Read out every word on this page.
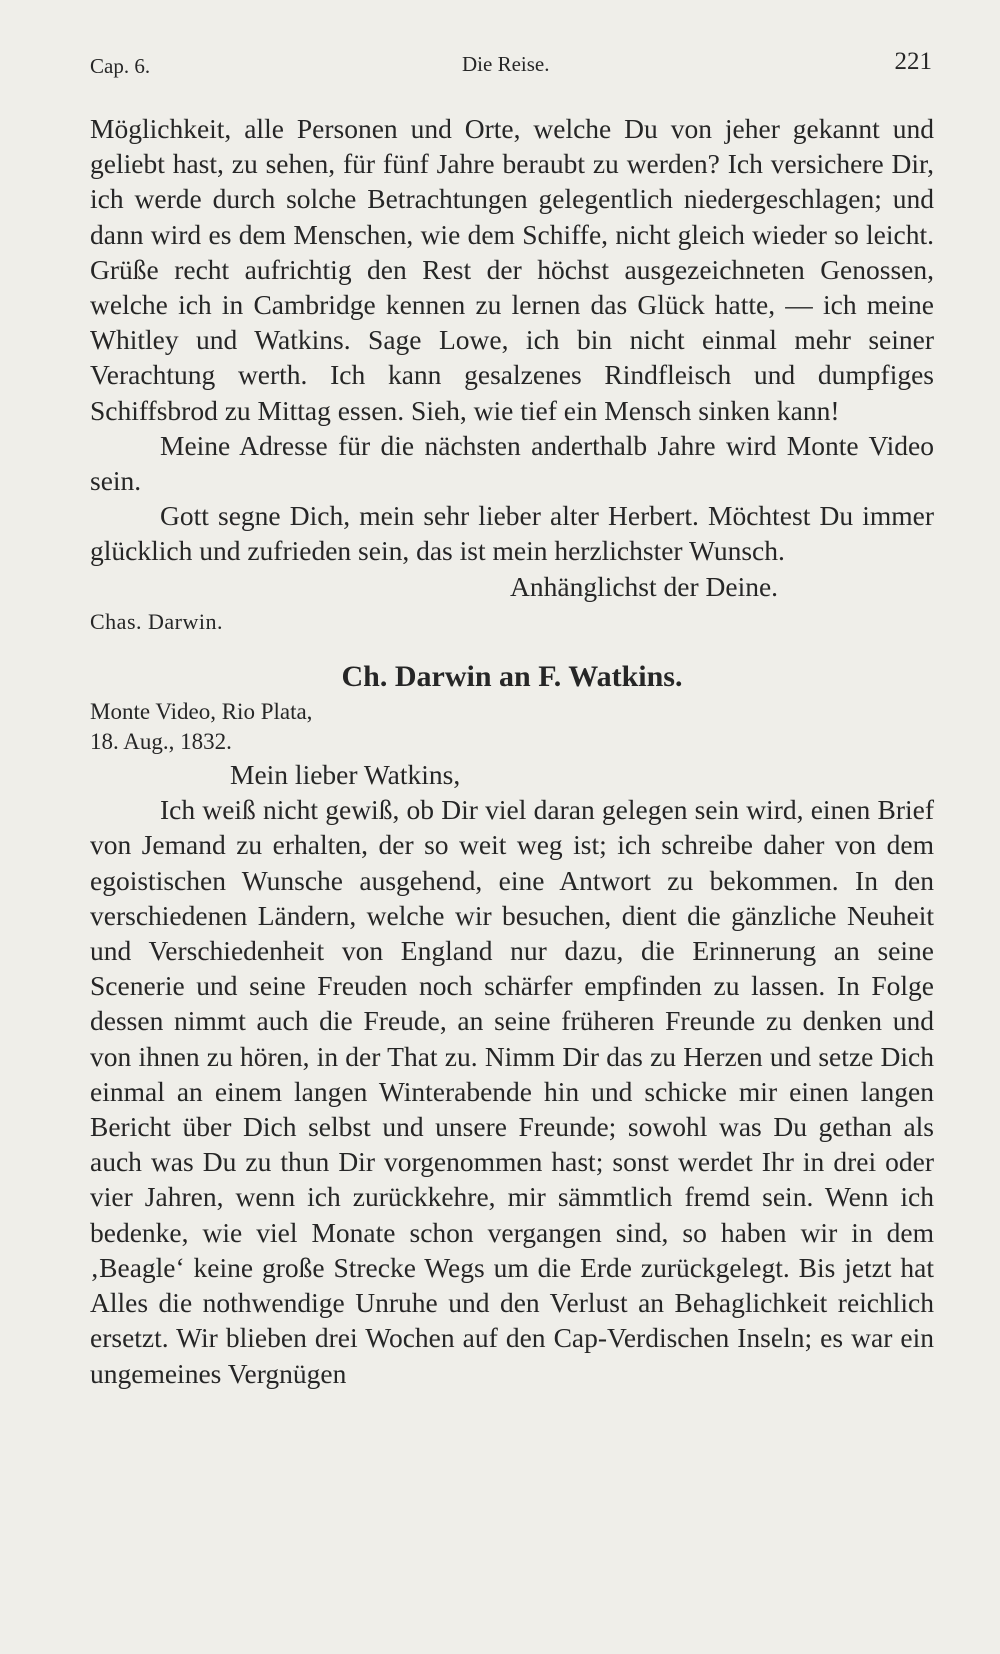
Cap. 6.	Die Reise.	221

Möglichkeit, alle Personen und Orte, welche Du von jeher gekannt und geliebt hast, zu sehen, für fünf Jahre beraubt zu werden? Ich versichere Dir, ich werde durch solche Betrachtungen gelegentlich niedergeschlagen; und dann wird es dem Menschen, wie dem Schiffe, nicht gleich wieder so leicht. Grüße recht aufrichtig den Rest der höchst ausgezeichneten Genossen, welche ich in Cambridge kennen zu lernen das Glück hatte, — ich meine Whitley und Watkins. Sage Lowe, ich bin nicht einmal mehr seiner Verachtung werth. Ich kann gesalzenes Rindfleisch und dumpfiges Schiffsbrod zu Mittag essen. Sieh, wie tief ein Mensch sinken kann!

Meine Adresse für die nächsten anderthalb Jahre wird Monte Video sein.

Gott segne Dich, mein sehr lieber alter Herbert. Möchtest Du immer glücklich und zufrieden sein, das ist mein herzlichster Wunsch.

Anhänglichst der Deine.

Chas. Darwin.

Ch. Darwin an F. Watkins.

Monte Video, Rio Plata,

18. Aug., 1832.

Mein lieber Watkins,

Ich weiß nicht gewiß, ob Dir viel daran gelegen sein wird, einen Brief von Jemand zu erhalten, der so weit weg ist; ich schreibe daher von dem egoistischen Wunsche ausgehend, eine Antwort zu bekommen. In den verschiedenen Ländern, welche wir besuchen, dient die gänzliche Neuheit und Verschiedenheit von England nur dazu, die Erinnerung an seine Scenerie und seine Freuden noch schärfer empfinden zu lassen. In Folge dessen nimmt auch die Freude, an seine früheren Freunde zu denken und von ihnen zu hören, in der That zu. Nimm Dir das zu Herzen und setze Dich einmal an einem langen Winterabende hin und schicke mir einen langen Bericht über Dich selbst und unsere Freunde; sowohl was Du gethan als auch was Du zu thun Dir vorgenommen hast; sonst werdet Ihr in drei oder vier Jahren, wenn ich zurückkehre, mir sämmtlich fremd sein. Wenn ich bedenke, wie viel Monate schon vergangen sind, so haben wir in dem ‚Beagle‘ keine große Strecke Wegs um die Erde zurückgelegt. Bis jetzt hat Alles die nothwendige Unruhe und den Verlust an Behaglichkeit reichlich ersetzt. Wir blieben drei Wochen auf den Cap-Verdischen Inseln; es war ein ungemeines Vergnügen
